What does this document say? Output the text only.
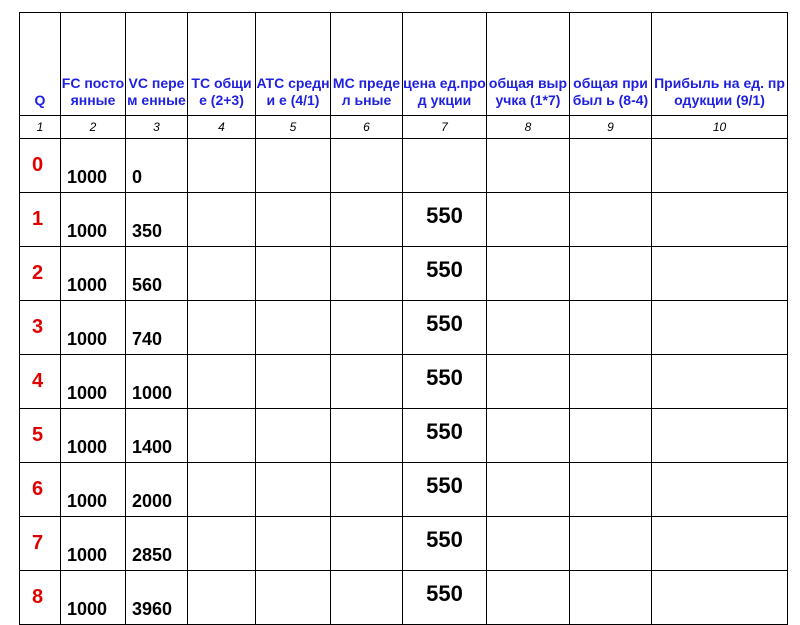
Q	FC посто янные	VC перем енные	TC общие (2+3)	ATC средни е (4/1)	MC предел ьные	цена ед.прод укции	общая выручка (1*7)	общая прибыл ь (8-4)	Прибыль на ед. продукции (9/1)
1	2	3	4	5	6	7	8	9	10
0	1000	0							
1	1000	350				550			
2	1000	560				550			
3	1000	740				550			
4	1000	1000				550			
5	1000	1400				550			
6	1000	2000				550			
7	1000	2850				550			
8	1000	3960				550			
